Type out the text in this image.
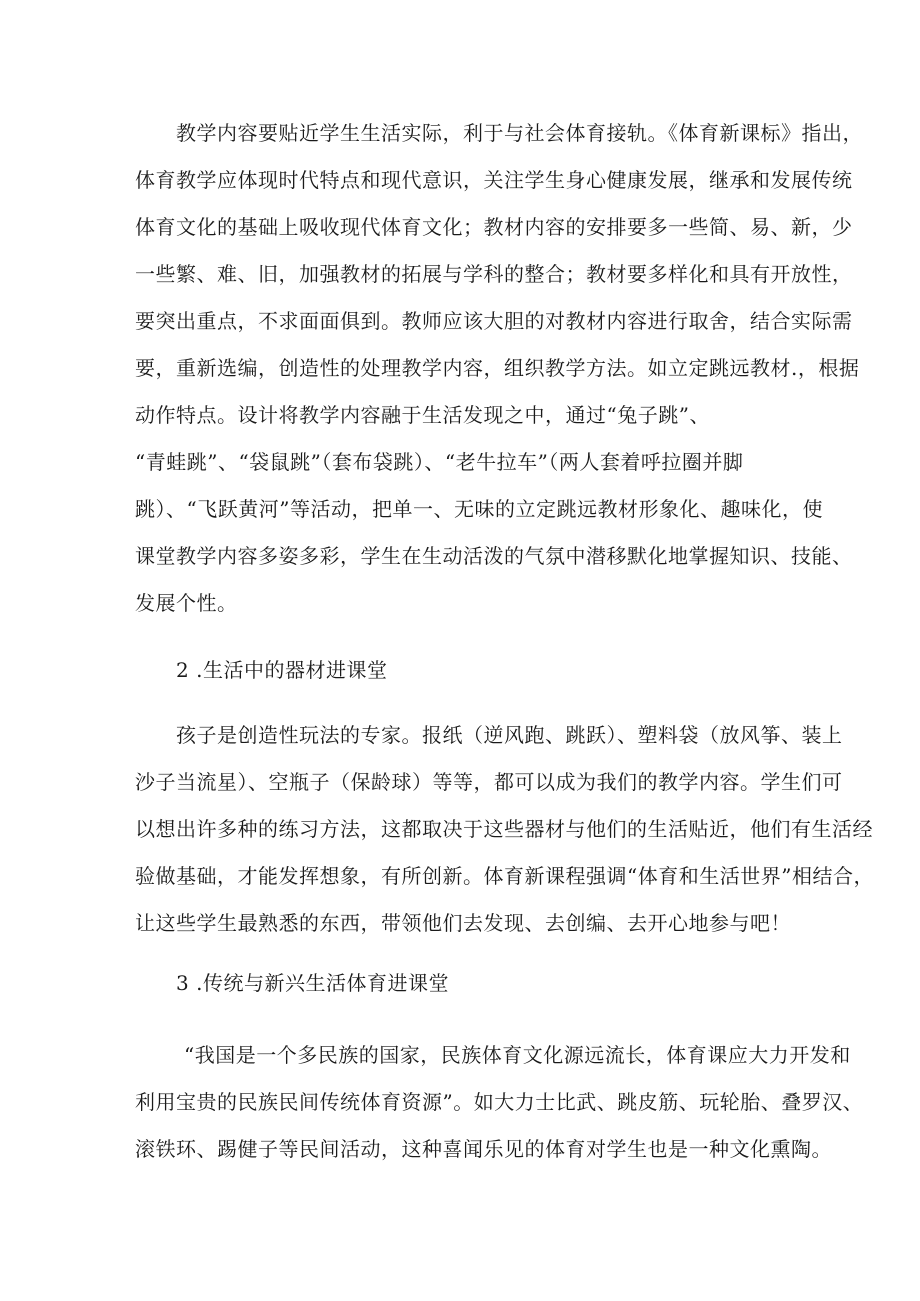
教学内容要贴近学生生活实际，利于与社会体育接轨。《体育新课标》指出，
体育教学应体现时代特点和现代意识，关注学生身心健康发展，继承和发展传统
体育文化的基础上吸收现代体育文化；教材内容的安排要多一些简、易、新，少
一些繁、难、旧，加强教材的拓展与学科的整合；教材要多样化和具有开放性，
要突出重点，不求面面俱到。教师应该大胆的对教材内容进行取舍，结合实际需
要，重新选编，创造性的处理教学内容，组织教学方法。如立定跳远教材.，根据
动作特点。设计将教学内容融于生活发现之中，通过“兔子跳”、
“青蛙跳”、“袋鼠跳”（套布袋跳）、“老牛拉车”（两人套着呼拉圈并脚
跳）、“飞跃黄河”等活动，把单一、无味的立定跳远教材形象化、趣味化，使
课堂教学内容多姿多彩，学生在生动活泼的气氛中潜移默化地掌握知识、技能、
发展个性。
2 .生活中的器材进课堂
孩子是创造性玩法的专家。报纸（逆风跑、跳跃）、塑料袋（放风筝、装上
沙子当流星）、空瓶子（保龄球）等等，都可以成为我们的教学内容。学生们可
以想出许多种的练习方法，这都取决于这些器材与他们的生活贴近，他们有生活经
验做基础，才能发挥想象，有所创新。体育新课程强调“体育和生活世界”相结合，
让这些学生最熟悉的东西，带领他们去发现、去创编、去开心地参与吧！
3 .传统与新兴生活体育进课堂
“我国是一个多民族的国家，民族体育文化源远流长，体育课应大力开发和
利用宝贵的民族民间传统体育资源”。如大力士比武、跳皮筋、玩轮胎、叠罗汉、
滚铁环、踢健子等民间活动，这种喜闻乐见的体育对学生也是一种文化熏陶。
